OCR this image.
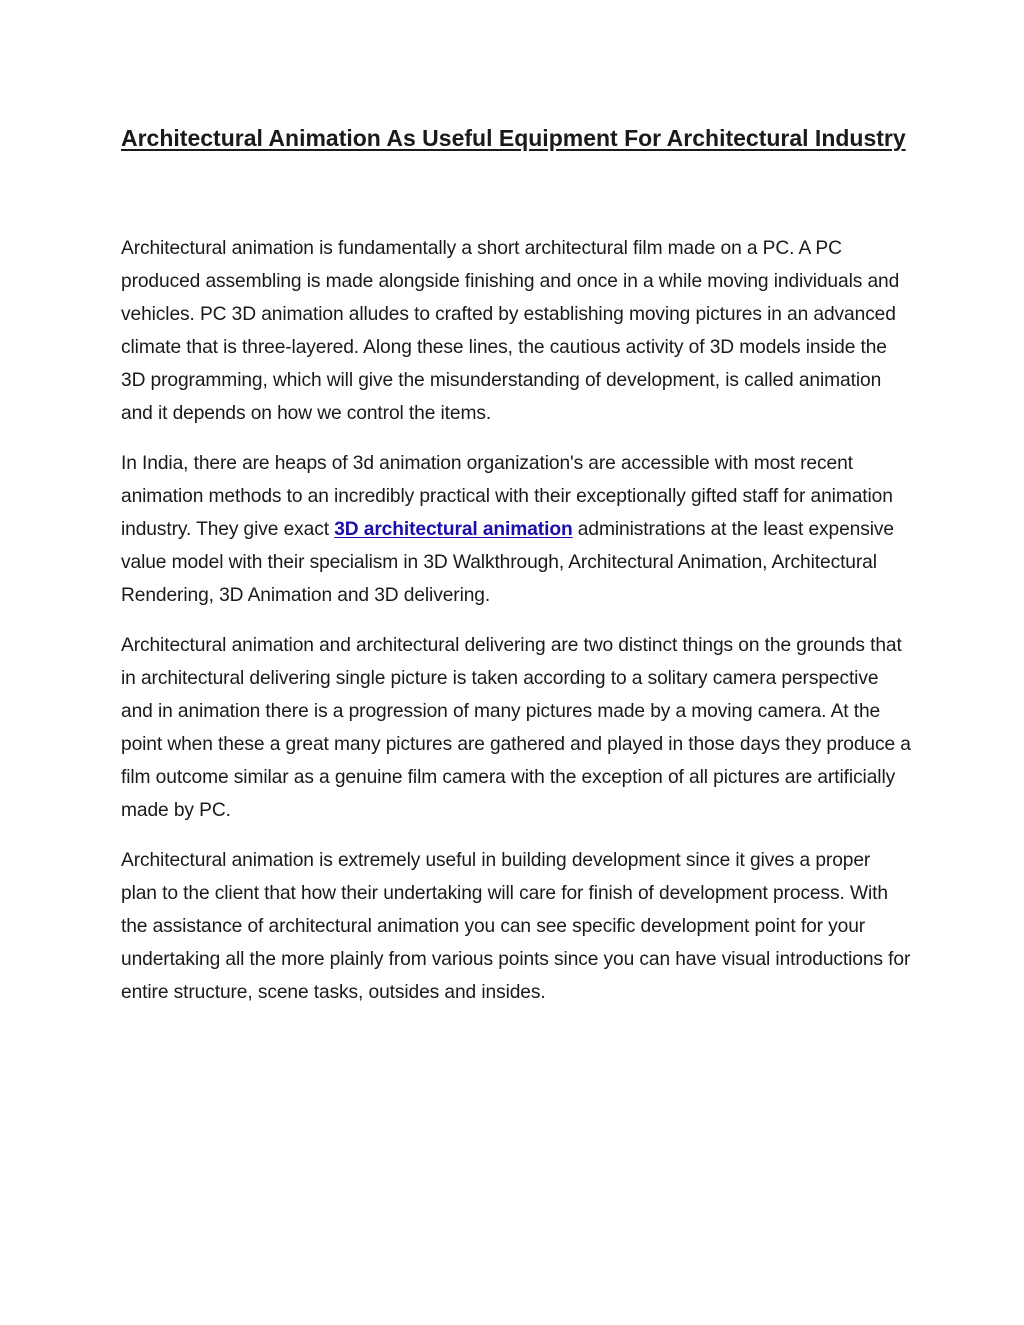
Architectural Animation As Useful Equipment For Architectural Industry

Architectural animation is fundamentally a short architectural film made on a PC. A PC produced assembling is made alongside finishing and once in a while moving individuals and vehicles. PC 3D animation alludes to crafted by establishing moving pictures in an advanced climate that is three-layered. Along these lines, the cautious activity of 3D models inside the 3D programming, which will give the misunderstanding of development, is called animation and it depends on how we control the items.

In India, there are heaps of 3d animation organization's are accessible with most recent animation methods to an incredibly practical with their exceptionally gifted staff for animation industry. They give exact 3D architectural animation administrations at the least expensive value model with their specialism in 3D Walkthrough, Architectural Animation, Architectural Rendering, 3D Animation and 3D delivering.

Architectural animation and architectural delivering are two distinct things on the grounds that in architectural delivering single picture is taken according to a solitary camera perspective and in animation there is a progression of many pictures made by a moving camera. At the point when these a great many pictures are gathered and played in those days they produce a film outcome similar as a genuine film camera with the exception of all pictures are artificially made by PC.

Architectural animation is extremely useful in building development since it gives a proper plan to the client that how their undertaking will care for finish of development process. With the assistance of architectural animation you can see specific development point for your undertaking all the more plainly from various points since you can have visual introductions for entire structure, scene tasks, outsides and insides.
